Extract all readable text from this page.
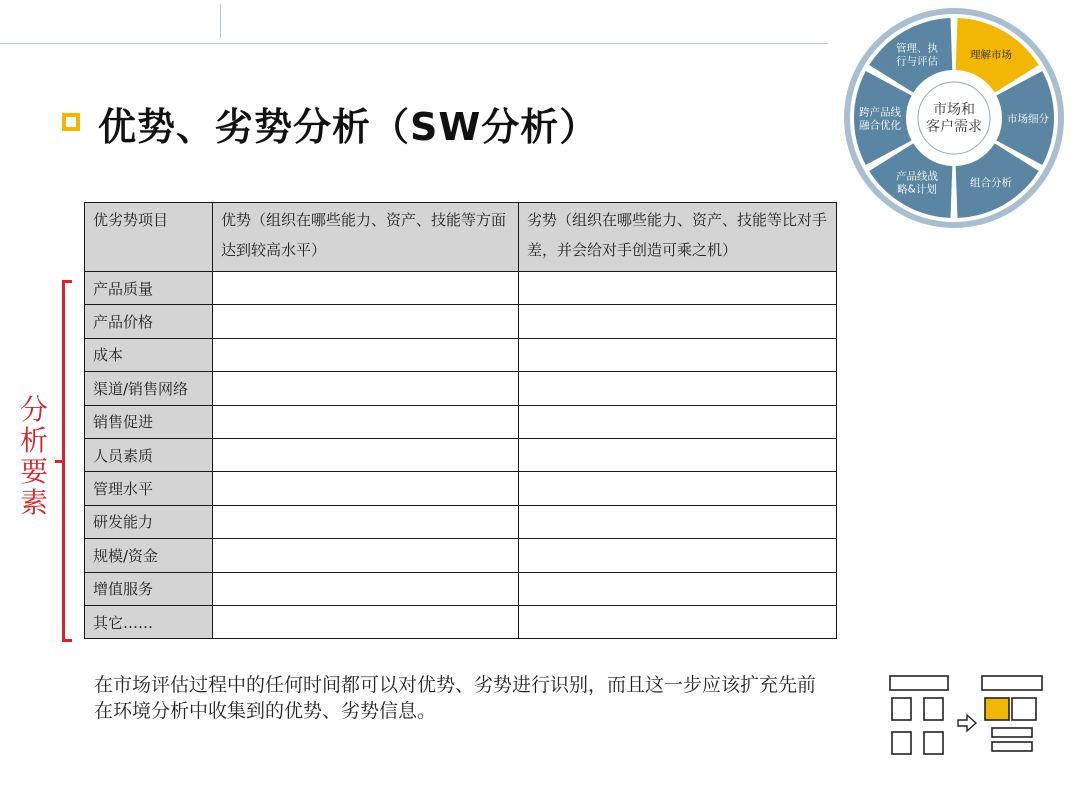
优势、劣势分析（SW分析）
优劣势项目	优势（组织在哪些能力、资产、技能等方面达到较高水平）	劣势（组织在哪些能力、资产、技能等比对手差，并会给对手创造可乘之机）
产品质量		
产品价格		
成本		
渠道/销售网络		
销售促进		
人员素质		
管理水平		
研发能力		
规模/资金		
增值服务		
其它……		
分析要素
在市场评估过程中的任何时间都可以对优势、劣势进行识别，而且这一步应该扩充先前在环境分析中收集到的优势、劣势信息。
理解市场
市场细分
组合分析
产品线战
略&计划
跨产品线
融合优化
管理、执
行与评估
市场和
客户需求
